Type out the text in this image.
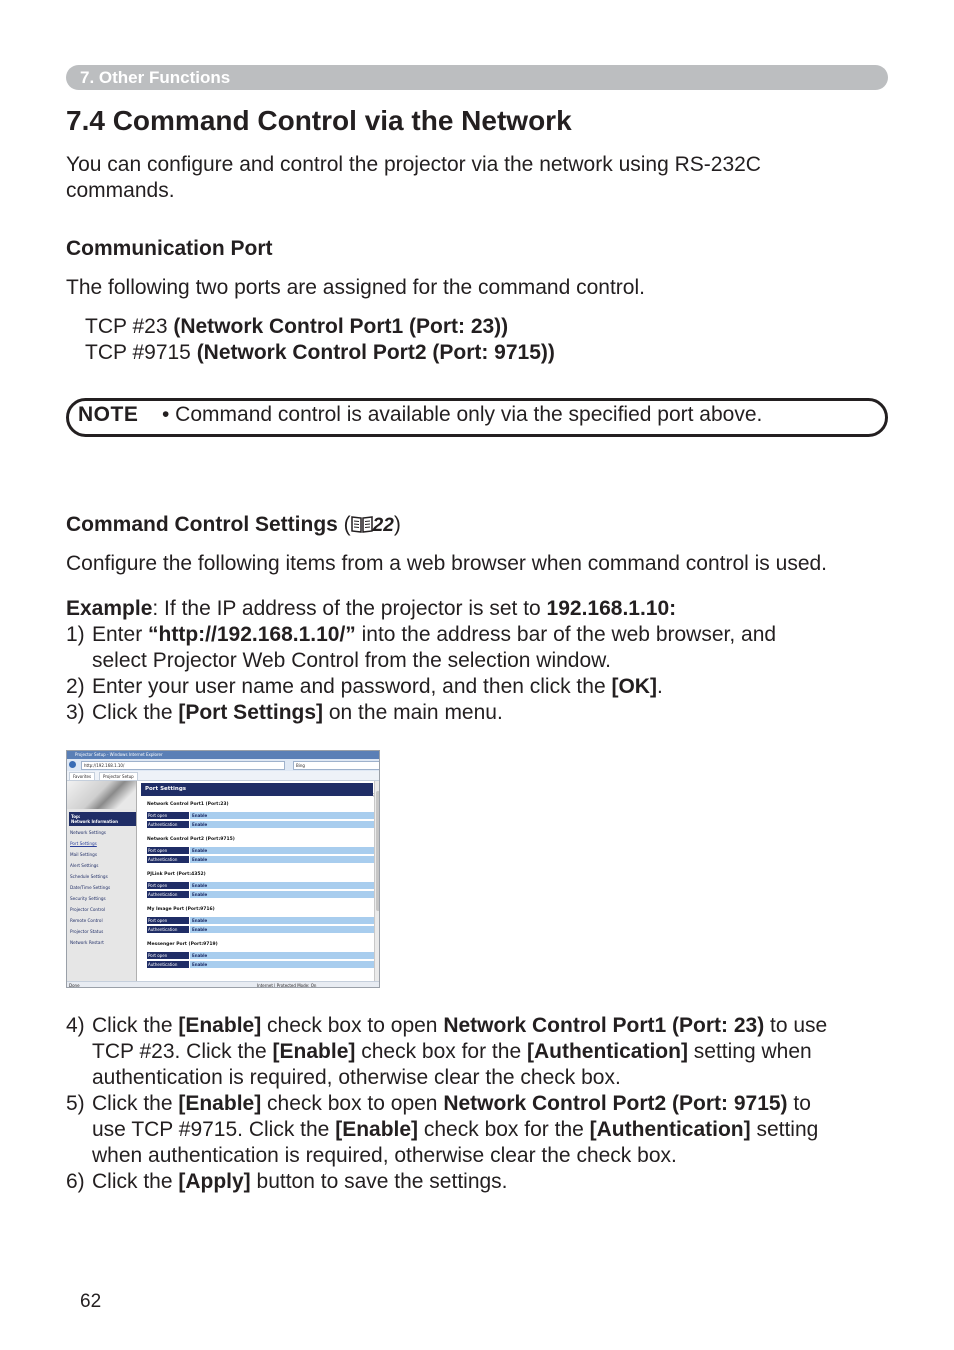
7. Other Functions
7.4 Command Control via the Network
You can configure and control the projector via the network using RS-232C
commands.
Communication Port
The following two ports are assigned for the command control.
TCP #23 (Network Control Port1 (Port: 23))
TCP #9715 (Network Control Port2 (Port: 9715))
NOTE • Command control is available only via the specified port above.
Command Control Settings ( 22)
Configure the following items from a web browser when command control is used.
Example: If the IP address of the projector is set to 192.168.1.10:
1) Enter “http://192.168.1.10/” into the address bar of the web browser, and
select Projector Web Control from the selection window.
2) Enter your user name and password, and then click the [OK].
3) Click the [Port Settings] on the main menu.
Projector Setup - Windows Internet Explorer
http://192.168.1.10/	Bing
Favorites	Projector Setup
Top:
Network Information
Network Settings
Port Settings
Mail Settings
Alert Settings
Schedule Settings
Date/Time Settings
Security Settings
Projector Control
Remote Control
Projector Status
Network Restart
Port Settings
Network Control Port1 (Port:23)
Port open	Enable
Authentication	Enable
Network Control Port2 (Port:9715)
Port open	Enable
Authentication	Enable
PJLink Port (Port:4352)
Port open	Enable
Authentication	Enable
My Image Port (Port:9716)
Port open	Enable
Authentication	Enable
Messenger Port (Port:9719)
Port open	Enable
Authentication	Enable
Done	Internet | Protected Mode: On
4) Click the [Enable] check box to open Network Control Port1 (Port: 23) to use
TCP #23. Click the [Enable] check box for the [Authentication] setting when
authentication is required, otherwise clear the check box.
5) Click the [Enable] check box to open Network Control Port2 (Port: 9715) to
use TCP #9715. Click the [Enable] check box for the [Authentication] setting
when authentication is required, otherwise clear the check box.
6) Click the [Apply] button to save the settings.
62
